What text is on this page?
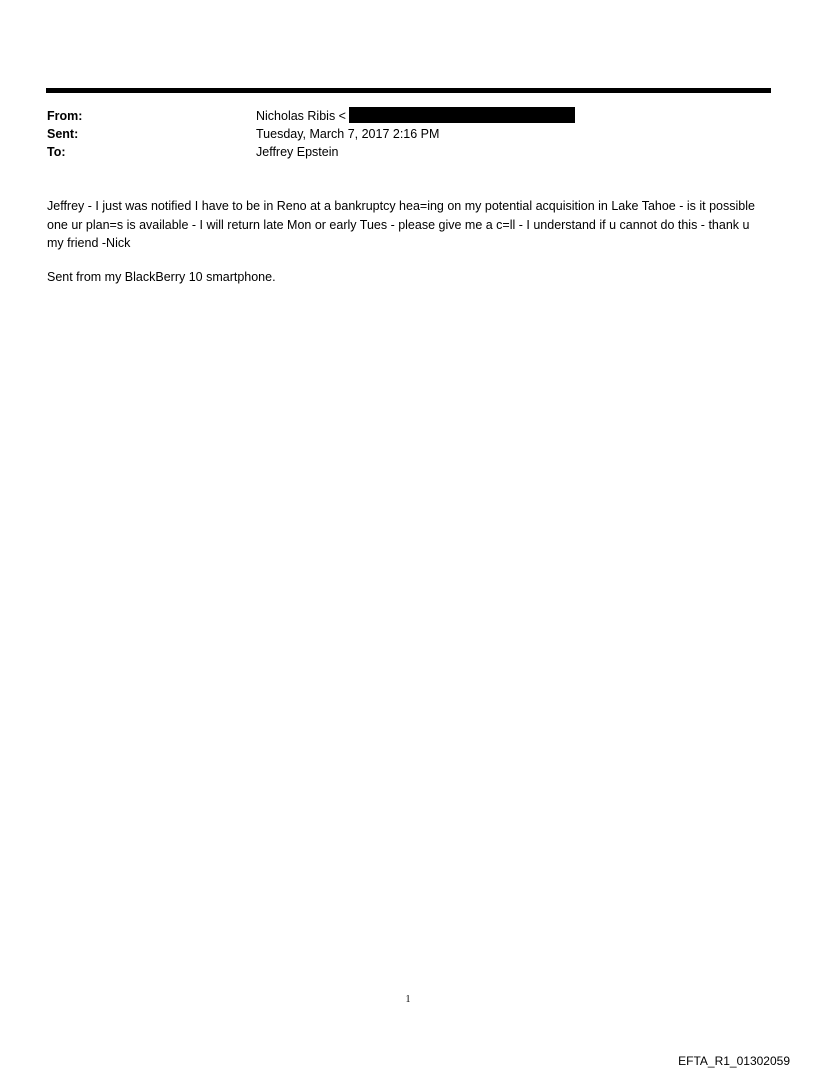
From:	Nicholas Ribis <
Sent:	Tuesday, March 7, 2017 2:16 PM
To:	Jeffrey Epstein
Jeffrey - I just was notified I have to be in Reno at a bankruptcy hea=ing on my potential acquisition in Lake Tahoe - is it possible one ur plan=s is available - I will return late Mon or early Tues - please give me a c=ll - I understand if u cannot do this - thank u my friend -Nick
Sent from my BlackBerry 10 smartphone.
1
EFTA_R1_01302059
